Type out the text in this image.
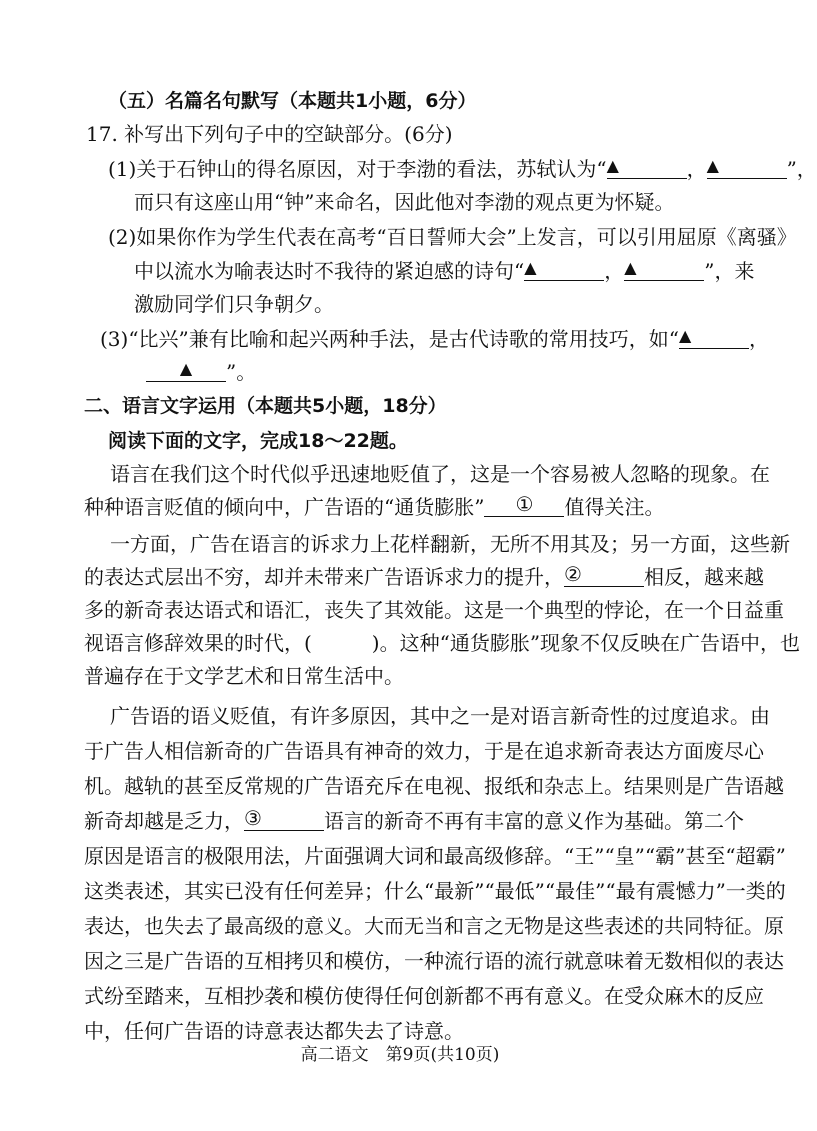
（五）名篇名句默写（本题共1小题，6分）
17. 补写出下列句子中的空缺部分。(6分)
(1)关于石钟山的得名原因，对于李渤的看法，苏轼认为“▲	，▲	”，
而只有这座山用“钟”来命名，因此他对李渤的观点更为怀疑。
(2)如果你作为学生代表在高考“百日誓师大会”上发言，可以引用屈原《离骚》
中以流水为喻表达时不我待的紧迫感的诗句“▲	，▲	”，来
激励同学们只争朝夕。
(3)“比兴”兼有比喻和起兴两种手法，是古代诗歌的常用技巧，如“▲	，
▲ ”。
二、语言文字运用（本题共5小题，18分）
阅读下面的文字，完成18～22题。
语言在我们这个时代似乎迅速地贬值了，这是一个容易被人忽略的现象。在
种种语言贬值的倾向中，广告语的“通货膨胀” ① 值得关注。
一方面，广告在语言的诉求力上花样翻新，无所不用其及；另一方面，这些新
的表达式层出不穷，却并未带来广告语诉求力的提升，②	相反，越来越
多的新奇表达语式和语汇，丧失了其效能。这是一个典型的悖论，在一个日益重
视语言修辞效果的时代，(　　　)。这种“通货膨胀”现象不仅反映在广告语中，也
普遍存在于文学艺术和日常生活中。
广告语的语义贬值，有许多原因，其中之一是对语言新奇性的过度追求。由
于广告人相信新奇的广告语具有神奇的效力，于是在追求新奇表达方面废尽心
机。越轨的甚至反常规的广告语充斥在电视、报纸和杂志上。结果则是广告语越
新奇却越是乏力，③	语言的新奇不再有丰富的意义作为基础。第二个
原因是语言的极限用法，片面强调大词和最高级修辞。“王”“皇”“霸”甚至“超霸”
这类表述，其实已没有任何差异；什么“最新”“最低”“最佳”“最有震憾力”一类的
表达，也失去了最高级的意义。大而无当和言之无物是这些表述的共同特征。原
因之三是广告语的互相拷贝和模仿，一种流行语的流行就意味着无数相似的表达
式纷至踏来，互相抄袭和模仿使得任何创新都不再有意义。在受众麻木的反应
中，任何广告语的诗意表达都失去了诗意。
高二语文　第9页(共10页)
